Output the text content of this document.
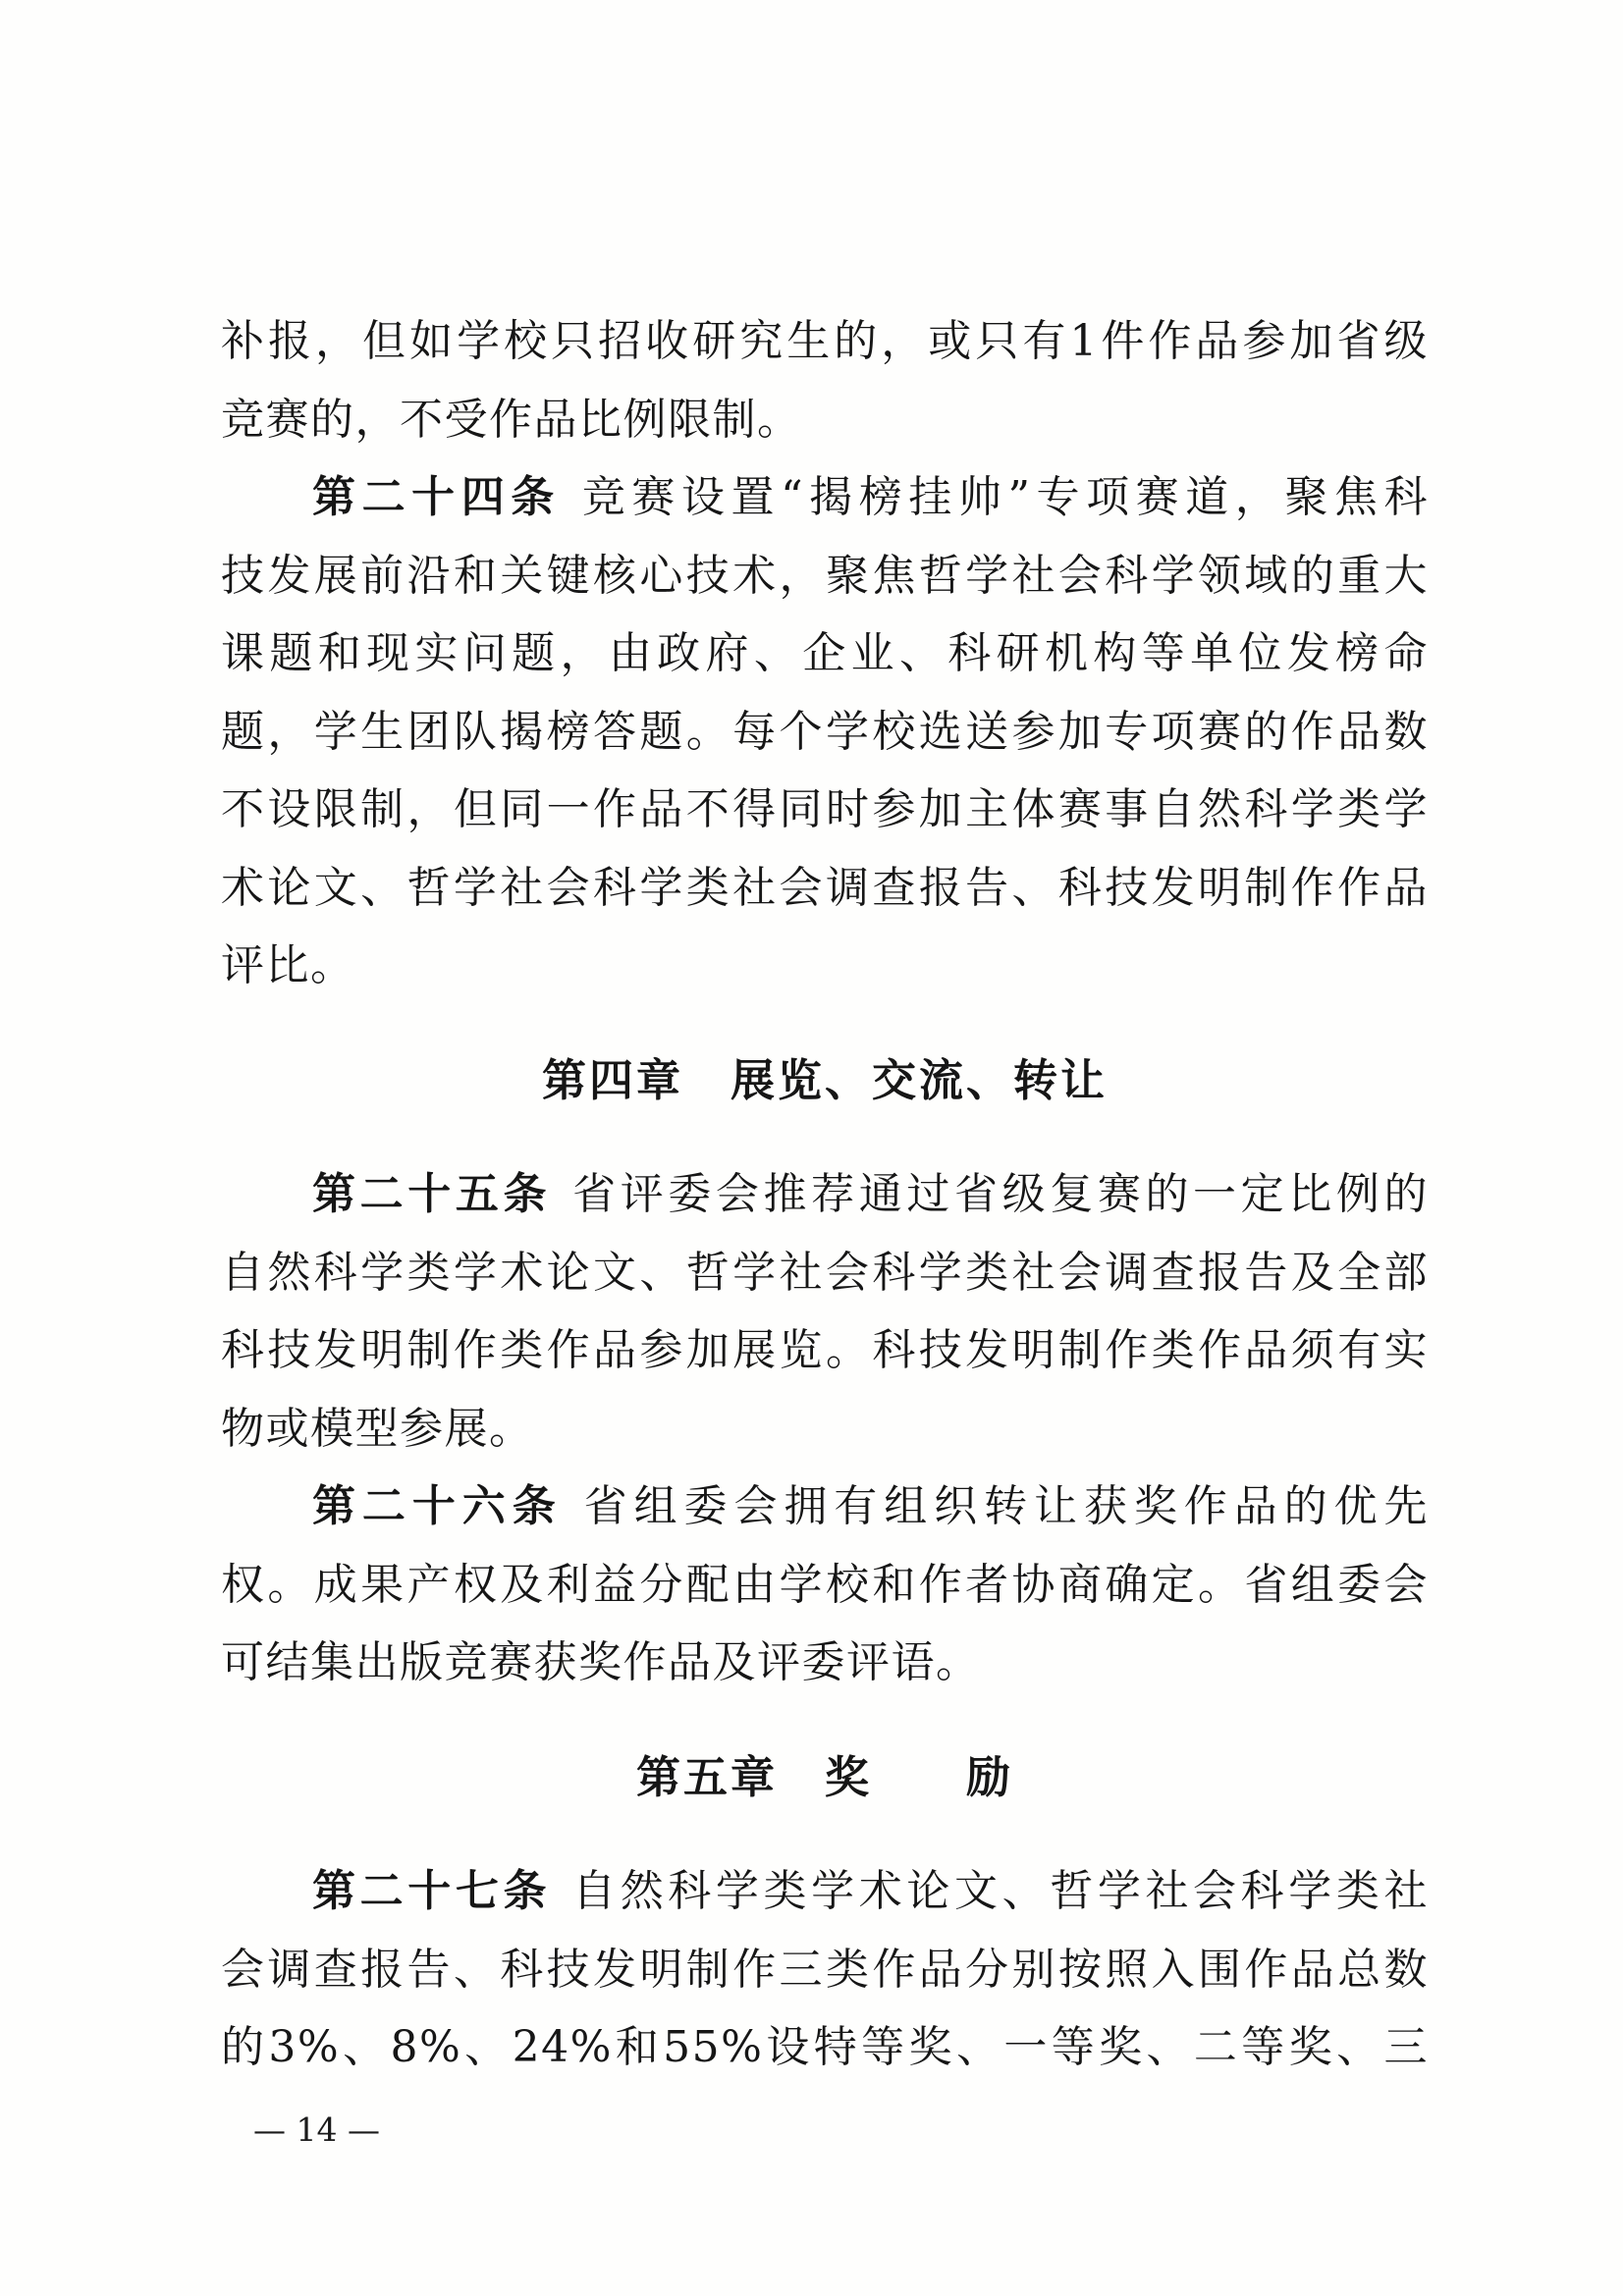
补报，但如学校只招收研究生的，或只有1件作品参加省级
竞赛的，不受作品比例限制。
第二十四条 竞赛设置“揭榜挂帅”专项赛道，聚焦科
技发展前沿和关键核心技术，聚焦哲学社会科学领域的重大
课题和现实问题，由政府、企业、科研机构等单位发榜命
题，学生团队揭榜答题。每个学校选送参加专项赛的作品数
不设限制，但同一作品不得同时参加主体赛事自然科学类学
术论文、哲学社会科学类社会调查报告、科技发明制作作品
评比。
第四章　展览、交流、转让
第二十五条 省评委会推荐通过省级复赛的一定比例的
自然科学类学术论文、哲学社会科学类社会调查报告及全部
科技发明制作类作品参加展览。科技发明制作类作品须有实
物或模型参展。
第二十六条 省组委会拥有组织转让获奖作品的优先
权。成果产权及利益分配由学校和作者协商确定。省组委会
可结集出版竞赛获奖作品及评委评语。
第五章　奖　　励
第二十七条 自然科学类学术论文、哲学社会科学类社
会调查报告、科技发明制作三类作品分别按照入围作品总数
的3%、8%、24%和55%设特等奖、一等奖、二等奖、三
— 14 —
